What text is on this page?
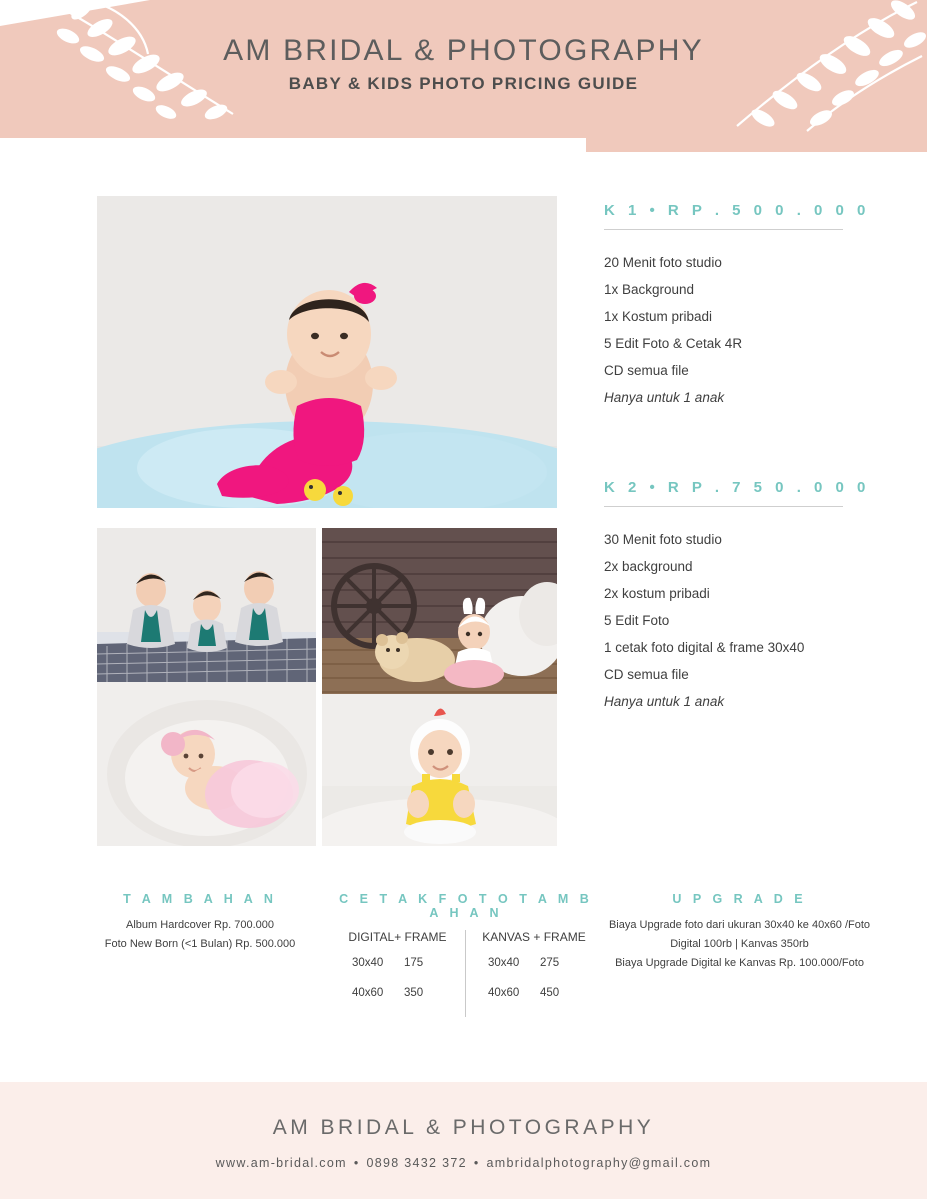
AM BRIDAL & PHOTOGRAPHY
BABY & KIDS PHOTO PRICING GUIDE
K 1 • R P . 5 0 0 . 0 0 0
20 Menit foto studio
1x Background
1x Kostum pribadi
5 Edit Foto & Cetak 4R
CD semua file
Hanya untuk 1 anak
K 2 • R P . 7 5 0 . 0 0 0
30 Menit foto studio
2x background
2x kostum pribadi
5 Edit Foto
1 cetak foto digital & frame 30x40
CD semua file
Hanya untuk 1 anak
T A M B A H A N
Album Hardcover Rp. 700.000
Foto New Born (<1 Bulan) Rp. 500.000
C E T A K F O T O T A M B A H A N
DIGITAL+ FRAME
30x40 175
40x60 350
KANVAS + FRAME
30x40 275
40x60 450
U P G R A D E
Biaya Upgrade foto dari ukuran 30x40 ke 40x60 /Foto
Digital 100rb | Kanvas 350rb
Biaya Upgrade Digital ke Kanvas Rp. 100.000/Foto
AM BRIDAL & PHOTOGRAPHY
www.am-bridal.com • 0898 3432 372 • ambridalphotography@gmail.com
